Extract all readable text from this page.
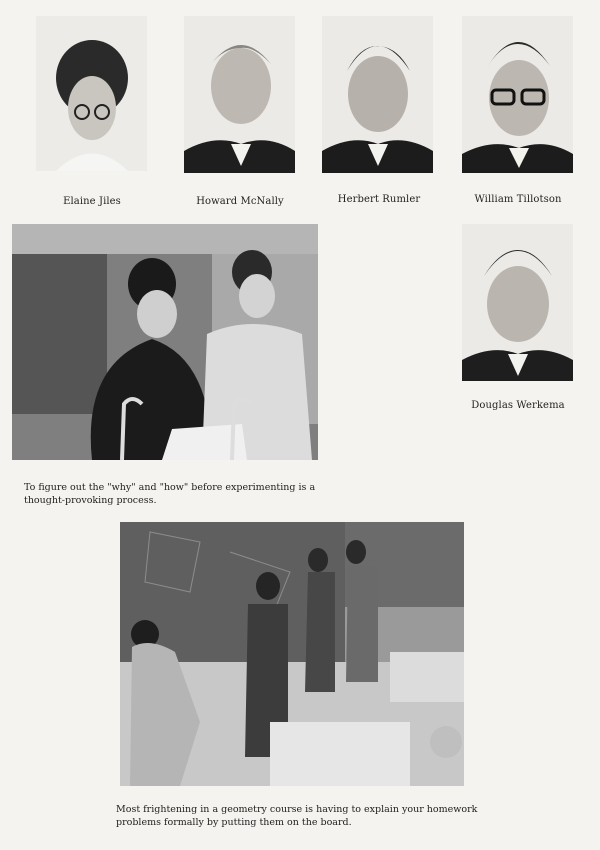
Elaine Jiles	Howard McNally	Herbert Rumler	William Tillotson
Douglas Werkema
To figure out the "why" and "how" before experimenting is a
thought-provoking process.
Most frightening in a geometry course is having to explain your homework
problems formally by putting them on the board.
